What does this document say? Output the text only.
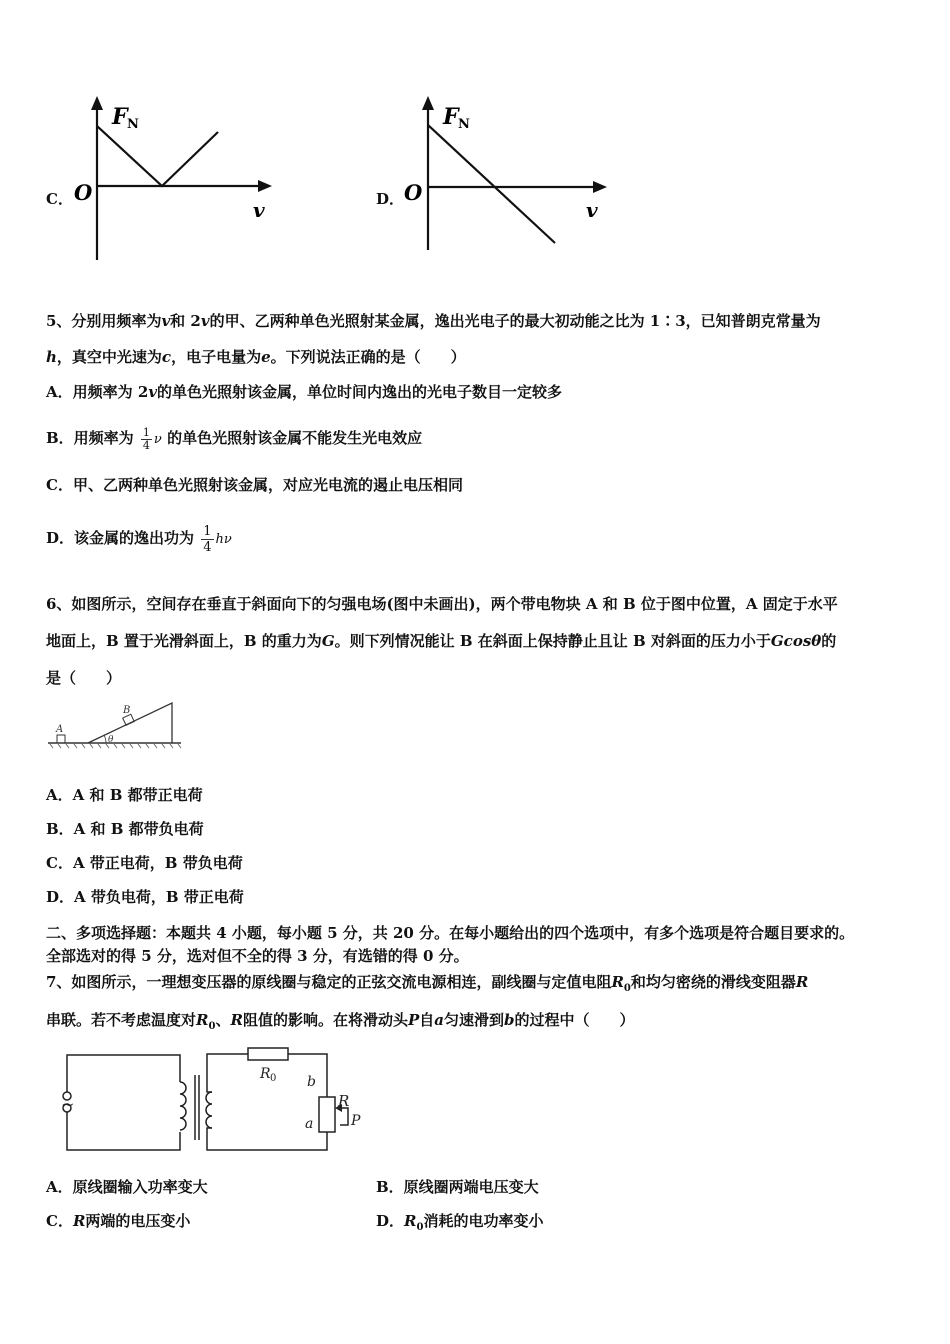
C．
F N
O
v	D．
F N
O
v
5、分别用频率为v和 2v的甲、乙两种单色光照射某金属，逸出光电子的最大初动能之比为 1∶3，已知普朗克常量为
h，真空中光速为c，电子电量为e。下列说法正确的是（　　）
A．用频率为 2v的单色光照射该金属，单位时间内逸出的光电子数目一定较多
B．用频率为 $\frac{1}{4}$ ν 的单色光照射该金属不能发生光电效应
C．甲、乙两种单色光照射该金属，对应光电流的遏止电压相同
D．该金属的逸出功为 $\frac{1}{4}$ hν
6、如图所示，空间存在垂直于斜面向下的匀强电场(图中未画出)，两个带电物块 A 和 B 位于图中位置，A 固定于水平
地面上，B 置于光滑斜面上，B 的重力为G。则下列情况能让 B 在斜面上保持静止且让 B 对斜面的压力小于Gcosθ的
是（　　）
A
B
θ
A．A 和 B 都带正电荷
B．A 和 B 都带负电荷
C．A 带正电荷，B 带负电荷
D．A 带负电荷，B 带正电荷
二、多项选择题：本题共 4 小题，每小题 5 分，共 20 分。在每小题给出的四个选项中，有多个选项是符合题目要求的。
全部选对的得 5 分，选对但不全的得 3 分，有选错的得 0 分。
7、如图所示，一理想变压器的原线圈与稳定的正弦交流电源相连，副线圈与定值电阻$R_0$和均匀密绕的滑线变阻器R
串联。若不考虑温度对$R_0$、R阻值的影响。在将滑动头P自a匀速滑到b的过程中（　　）
~
R 0 b
R
a	P
A．原线圈输入功率变大	B．原线圈两端电压变大
C．R两端的电压变小	D．$R_0$消耗的电功率变小
